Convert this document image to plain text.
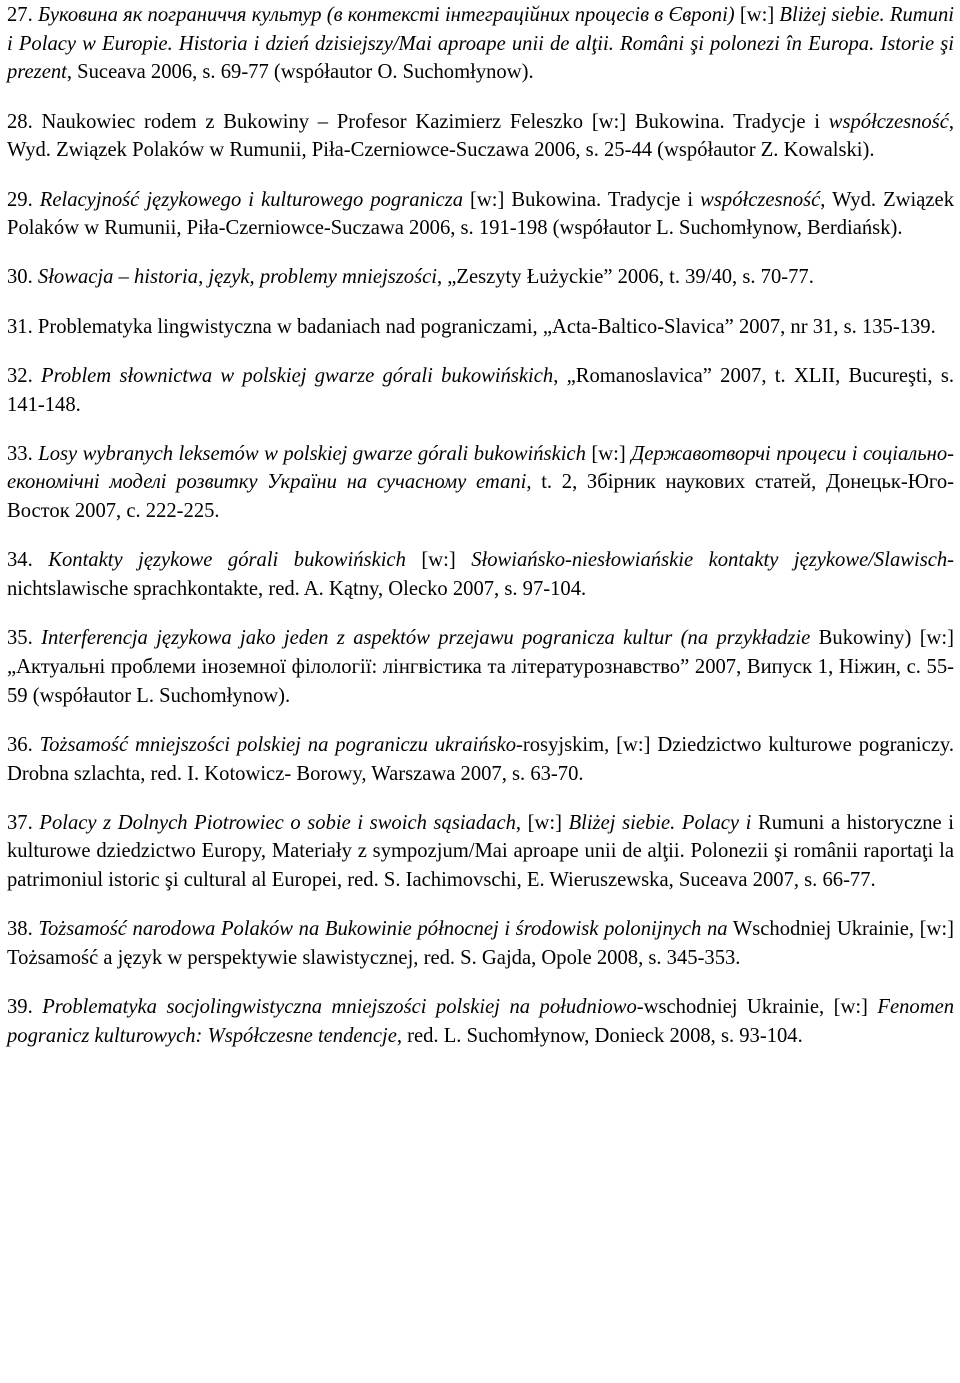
27. Буковина як пограниччя культур (в контексті інтеграційних процесів в Європі) [w:] Bliżej siebie. Rumuni i Polacy w Europie. Historia i dzień dzisiejszy/Mai aproape unii de alţii. Români şi polonezi în Europa. Istorie şi prezent, Suceava 2006, s. 69-77 (współautor O. Suchomłynow).
28. Naukowiec rodem z Bukowiny – Profesor Kazimierz Feleszko [w:] Bukowina. Tradycje i współczesność, Wyd. Związek Polaków w Rumunii, Piła-Czerniowce-Suczawa 2006, s. 25-44 (współautor Z. Kowalski).
29. Relacyjność językowego i kulturowego pogranicza [w:] Bukowina. Tradycje i współczesność, Wyd. Związek Polaków w Rumunii, Piła-Czerniowce-Suczawa 2006, s. 191-198 (współautor L. Suchomłynow, Berdiańsk).
30. Słowacja – historia, język, problemy mniejszości, „Zeszyty Łużyckie” 2006, t. 39/40, s. 70-77.
31. Problematyka lingwistyczna w badaniach nad pograniczami, „Acta-Baltico-Slavica” 2007, nr 31, s. 135-139.
32. Problem słownictwa w polskiej gwarze górali bukowińskich, „Romanoslavica” 2007, t. XLII, Bucureşti, s. 141-148.
33. Losy wybranych leksemów w polskiej gwarze górali bukowińskich [w:] Державотворчі процеси і соціально-економічні моделі розвитку України на сучасному етапі, t. 2, Збірник наукових статей, Донецьк-Юго-Восток 2007, с. 222-225.
34. Kontakty językowe górali bukowińskich [w:] Słowiańsko-niesłowiańskie kontakty językowe/Slawisch-nichtslawische sprachkontakte, red. A. Kątny, Olecko 2007, s. 97-104.
35. Interferencja językowa jako jeden z aspektów przejawu pogranicza kultur (na przykładzie Bukowiny) [w:] „Актуальні проблеми іноземної філології: лінгвістика та літературознавство” 2007, Випуск 1, Ніжин, с. 55-59 (współautor L. Suchomłynow).
36. Tożsamość mniejszości polskiej na pograniczu ukraińsko-rosyjskim, [w:] Dziedzictwo kulturowe pograniczy. Drobna szlachta, red. I. Kotowicz- Borowy, Warszawa 2007, s. 63-70.
37. Polacy z Dolnych Piotrowiec o sobie i swoich sąsiadach, [w:] Bliżej siebie. Polacy i Rumuni a historyczne i kulturowe dziedzictwo Europy, Materiały z sympozjum/Mai aproape unii de alţii. Polonezii şi românii raportaţi la patrimoniul istoric şi cultural al Europei, red. S. Iachimovschi, E. Wieruszewska, Suceava 2007, s. 66-77.
38. Tożsamość narodowa Polaków na Bukowinie północnej i środowisk polonijnych na Wschodniej Ukrainie, [w:] Tożsamość a język w perspektywie slawistycznej, red. S. Gajda, Opole 2008, s. 345-353.
39. Problematyka socjolingwistyczna mniejszości polskiej na południowo-wschodniej Ukrainie, [w:] Fenomen pogranicz kulturowych: Współczesne tendencje, red. L. Suchomłynow, Donieck 2008, s. 93-104.
